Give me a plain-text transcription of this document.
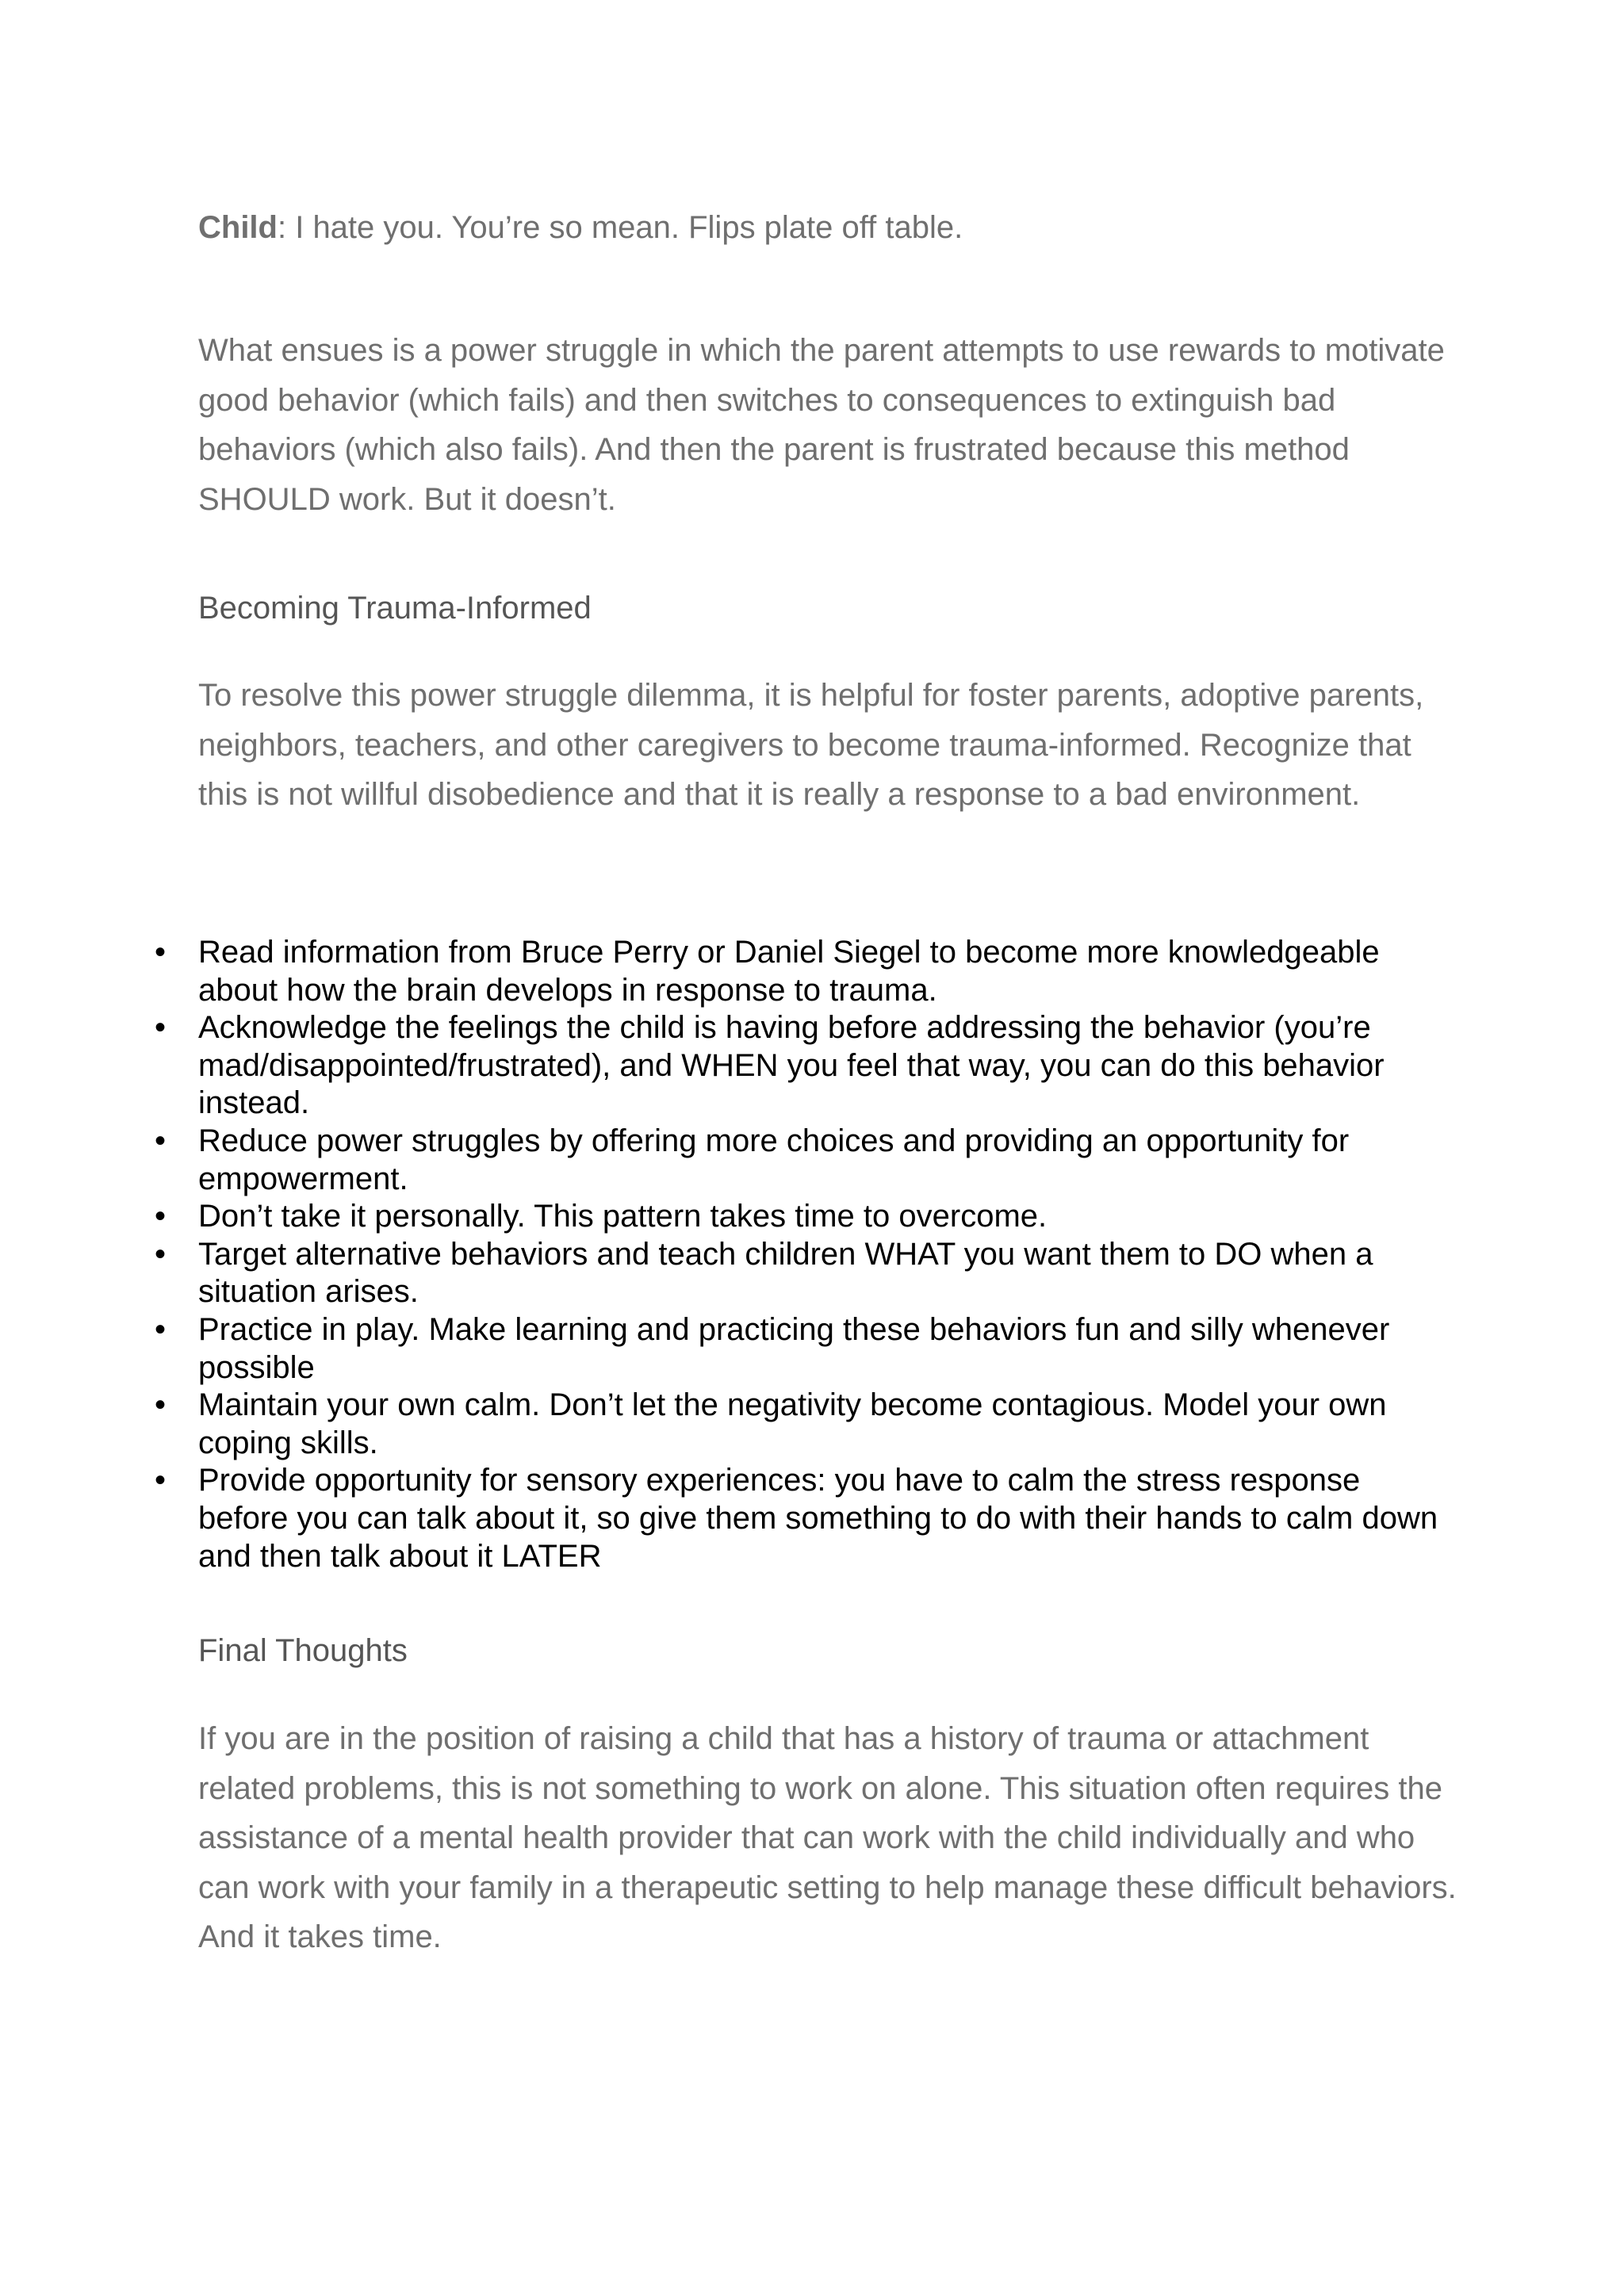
Child: I hate you. You’re so mean. Flips plate off table.
What ensues is a power struggle in which the parent attempts to use rewards to motivate good behavior (which fails) and then switches to consequences to extinguish bad behaviors (which also fails). And then the parent is frustrated because this method SHOULD work. But it doesn’t.
Becoming Trauma-Informed
To resolve this power struggle dilemma, it is helpful for foster parents, adoptive parents, neighbors, teachers, and other caregivers to become trauma-informed. Recognize that this is not willful disobedience and that it is really a response to a bad environment.
• Read information from Bruce Perry or Daniel Siegel to become more knowledgeable about how the brain develops in response to trauma.
• Acknowledge the feelings the child is having before addressing the behavior (you’re mad/disappointed/frustrated), and WHEN you feel that way, you can do this behavior instead.
• Reduce power struggles by offering more choices and providing an opportunity for empowerment.
• Don’t take it personally. This pattern takes time to overcome.
• Target alternative behaviors and teach children WHAT you want them to DO when a situation arises.
• Practice in play. Make learning and practicing these behaviors fun and silly whenever possible
• Maintain your own calm. Don’t let the negativity become contagious. Model your own coping skills.
• Provide opportunity for sensory experiences: you have to calm the stress response before you can talk about it, so give them something to do with their hands to calm down and then talk about it LATER
Final Thoughts
If you are in the position of raising a child that has a history of trauma or attachment related problems, this is not something to work on alone. This situation often requires the assistance of a mental health provider that can work with the child individually and who can work with your family in a therapeutic setting to help manage these difficult behaviors. And it takes time.
